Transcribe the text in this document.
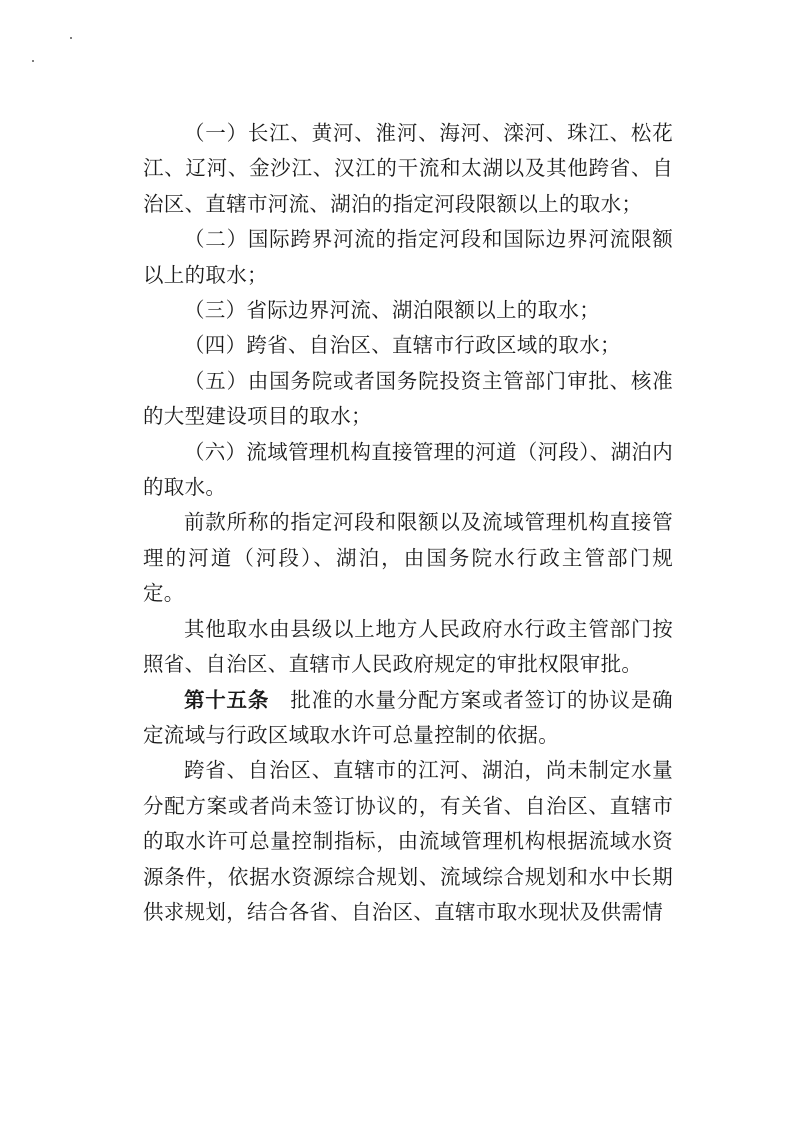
（一）长江、黄河、淮河、海河、滦河、珠江、松花江、辽河、金沙江、汉江的干流和太湖以及其他跨省、自治区、直辖市河流、湖泊的指定河段限额以上的取水；

（二）国际跨界河流的指定河段和国际边界河流限额以上的取水；

（三）省际边界河流、湖泊限额以上的取水；

（四）跨省、自治区、直辖市行政区域的取水；

（五）由国务院或者国务院投资主管部门审批、核准的大型建设项目的取水；

（六）流域管理机构直接管理的河道（河段）、湖泊内的取水。

前款所称的指定河段和限额以及流域管理机构直接管理的河道（河段）、湖泊，由国务院水行政主管部门规定。

其他取水由县级以上地方人民政府水行政主管部门按照省、自治区、直辖市人民政府规定的审批权限审批。

第十五条　 批准的水量分配方案或者签订的协议是确定流域与行政区域取水许可总量控制的依据。

跨省、自治区、直辖市的江河、湖泊，尚未制定水量分配方案或者尚未签订协议的，有关省、自治区、直辖市的取水许可总量控制指标，由流域管理机构根据流域水资源条件，依据水资源综合规划、流域综合规划和水中长期供求规划，结合各省、自治区、直辖市取水现状及供需情
